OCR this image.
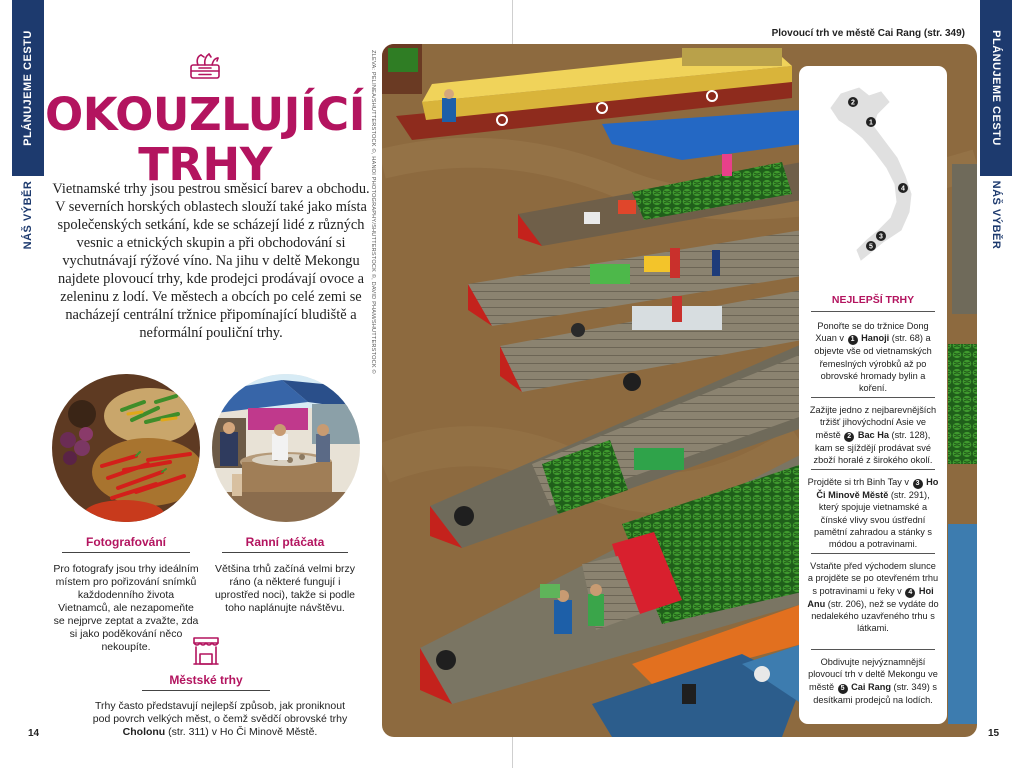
PLÁNUJEME CESTU
NÁŠ VÝBĚR
PLÁNUJEME CESTU
NÁŠ VÝBĚR
OKOUZLUJÍCÍ
TRHY

Vietnamské trhy jsou pestrou směsicí barev a obchodu. V severních horských oblastech slouží také jako místa společenských setkání, kde se scházejí lidé z různých vesnic a etnických skupin a při obchodování si vychutnávají rýžové víno. Na jihu v deltě Mekongu najdete plovoucí trhy, kde prodejci prodávají ovoce a zeleninu z lodí. Ve městech a obcích po celé zemi se nacházejí centrální tržnice připomínající bludiště a neformální pouliční trhy.

Fotografování

Pro fotografy jsou trhy ideálním místem pro pořizování snímků každodenního života Vietnamců, ale nezapomeňte se nejprve zeptat a zvažte, zda si jako poděkování něco nekoupíte.

Ranní ptáčata

Většina trhů začíná velmi brzy ráno (a některé fungují i uprostřed noci), takže si podle toho naplánujte návštěvu.

Městské trhy

Trhy často představují nejlepší způsob, jak proniknout pod povrch velkých měst, o čemž svědčí obrovské trhy Cholonu (str. 311) v Ho Či Minově Městě.

14
ZLEVA: PELINEA/SHUTTERSTOCK ©, HANOI PHOTOGRAPHY/SHUTTERSTOCK ©, DAVID PHAM/SHUTTERSTOCK ©
Plovoucí trh ve městě Cai Rang (str. 349)
2
1
4
3
5
NEJLEPŠÍ TRHY

Ponořte se do tržnice Dong Xuan v 1 Hanoji (str. 68) a objevte vše od vietnamských řemeslných výrobků až po obrovské hromady bylin a koření.

Zažijte jedno z nejbarevnějších tržišť jihovýchodní Asie ve městě 2 Bac Ha (str. 128), kam se sjíždějí prodávat své zboží horalé z širokého okolí.

Projděte si trh Binh Tay v 3 Ho Či Minově Městě (str. 291), který spojuje vietnamské a čínské vlivy svou ústřední pamětní zahradou a stánky s módou a potravinami.

Vstaňte před východem slunce a projděte se po otevřeném trhu s potravinami u řeky v 4 Hoi Anu (str. 206), než se vydáte do nedalekého uzavřeného trhu s látkami.

Obdivujte nejvýznamnější plovoucí trh v deltě Mekongu ve městě 5 Cai Rang (str. 349) s desítkami prodejců na lodích.

15
